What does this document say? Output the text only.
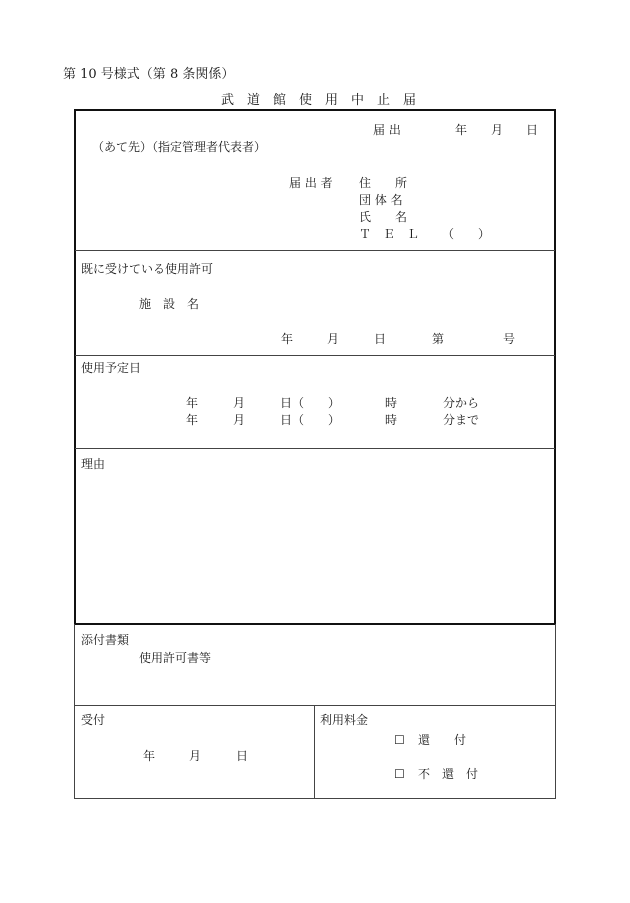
第 10 号様式（第 8 条関係）
武　道　館　使　用　中　止　届
届 出	年 月 日
（あて先）（指定管理者代表者）
届 出 者 住　　所
団 体 名
氏　　名
Ｔ　Ｅ　Ｌ （　　）
既に受けている使用許可
施　設　名
年	月	日	第	号
使用予定日
年	月	日（　　）	時	分から
年	月	日（　　）	時	分まで
理由
添付書類
使用許可書等
受付
年	月	日
利用料金
☐ 還　　付
☐ 不　還　付
